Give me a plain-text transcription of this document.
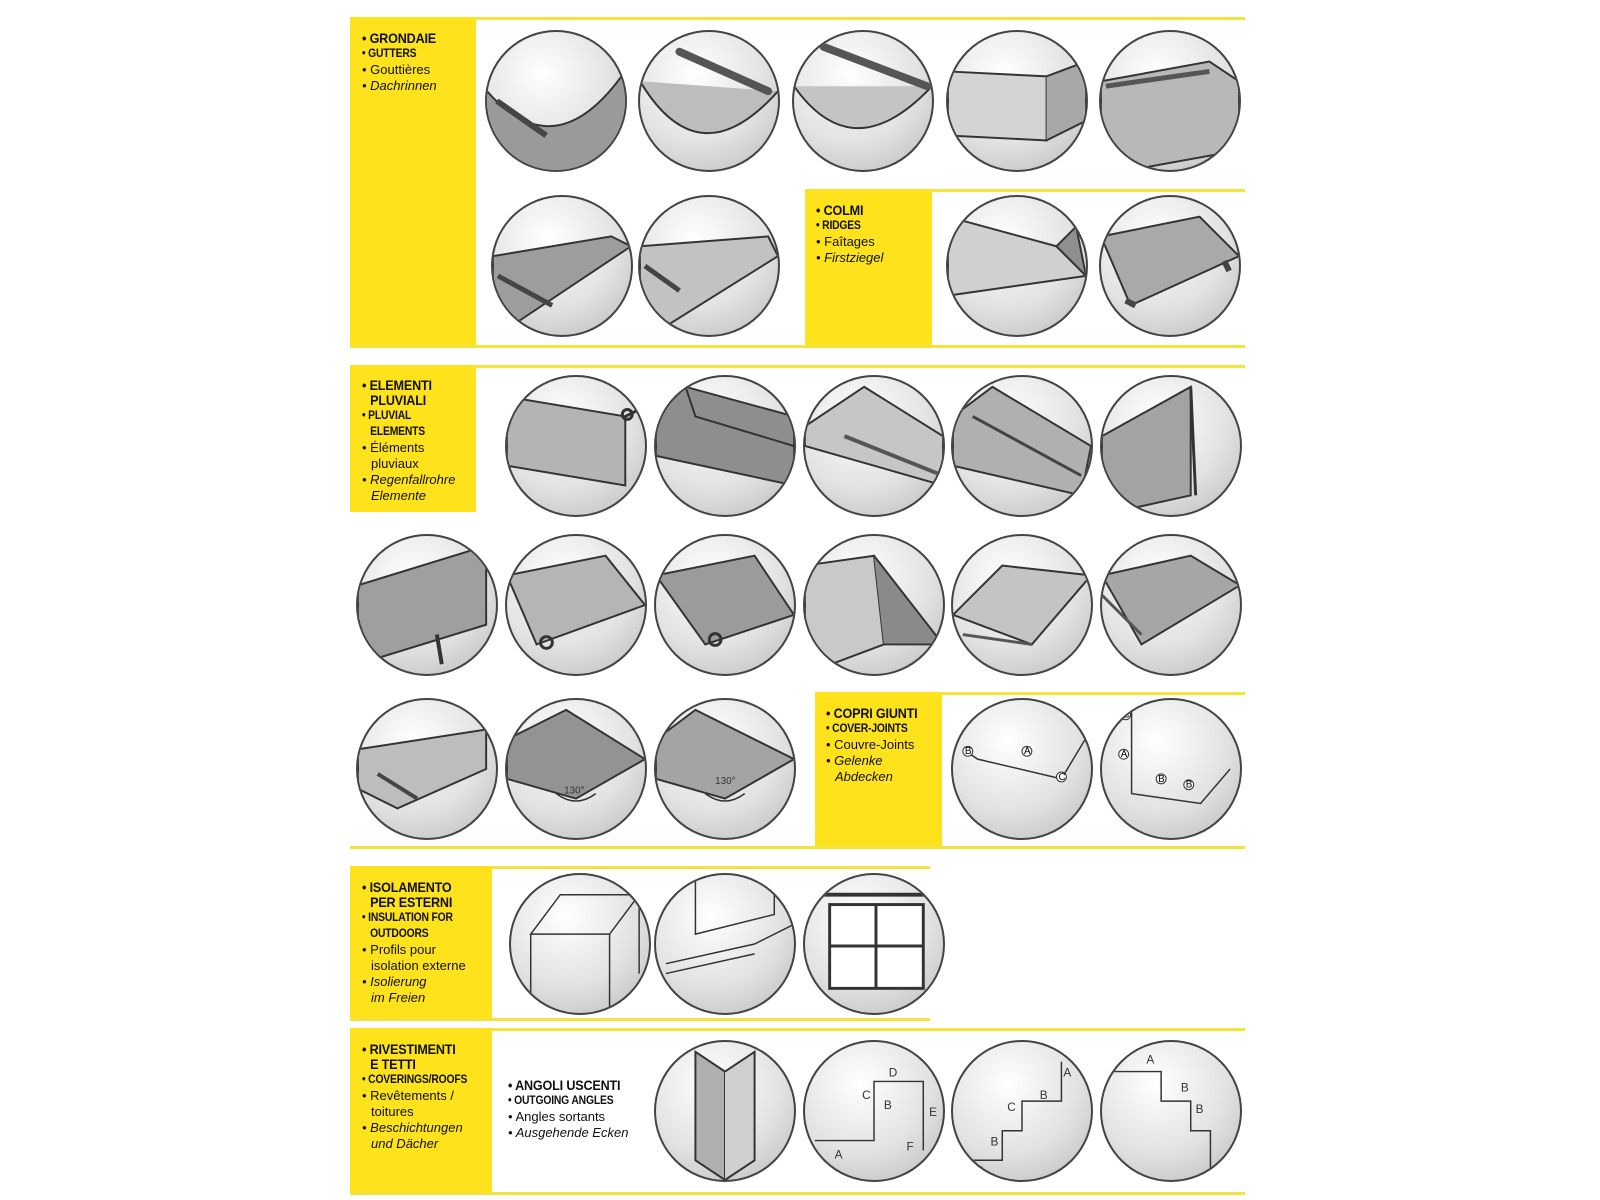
• GRONDAIE
• GUTTERS
• Gouttières
• Dachrinnen
• COLMI
• RIDGES
• Faîtages
• Firstziegel
• ELEMENTI
PLUVIALI
• PLUVIAL
ELEMENTS
• Éléments
pluviaux
• Regenfallrohre
Elemente
• COPRI GIUNTI
• COVER-JOINTS
• Couvre-Joints
• Gelenke
Abdecken
• ISOLAMENTO
PER ESTERNI
• INSULATION FOR
OUTDOORS
• Profils pour
isolation externe
• Isolierung
im Freien
• RIVESTIMENTI
E TETTI
• COVERINGS/ROOFS
• Revêtements /
toitures
• Beschichtungen
und Dächer
• ANGOLI USCENTI
• OUTGOING ANGLES
• Angles sortants
• Ausgehende Ecken
130°
130°
B	A
C
C
A
B
B
A
B
C
D
E
F
A
B
C
B
A
A
B
B
A
